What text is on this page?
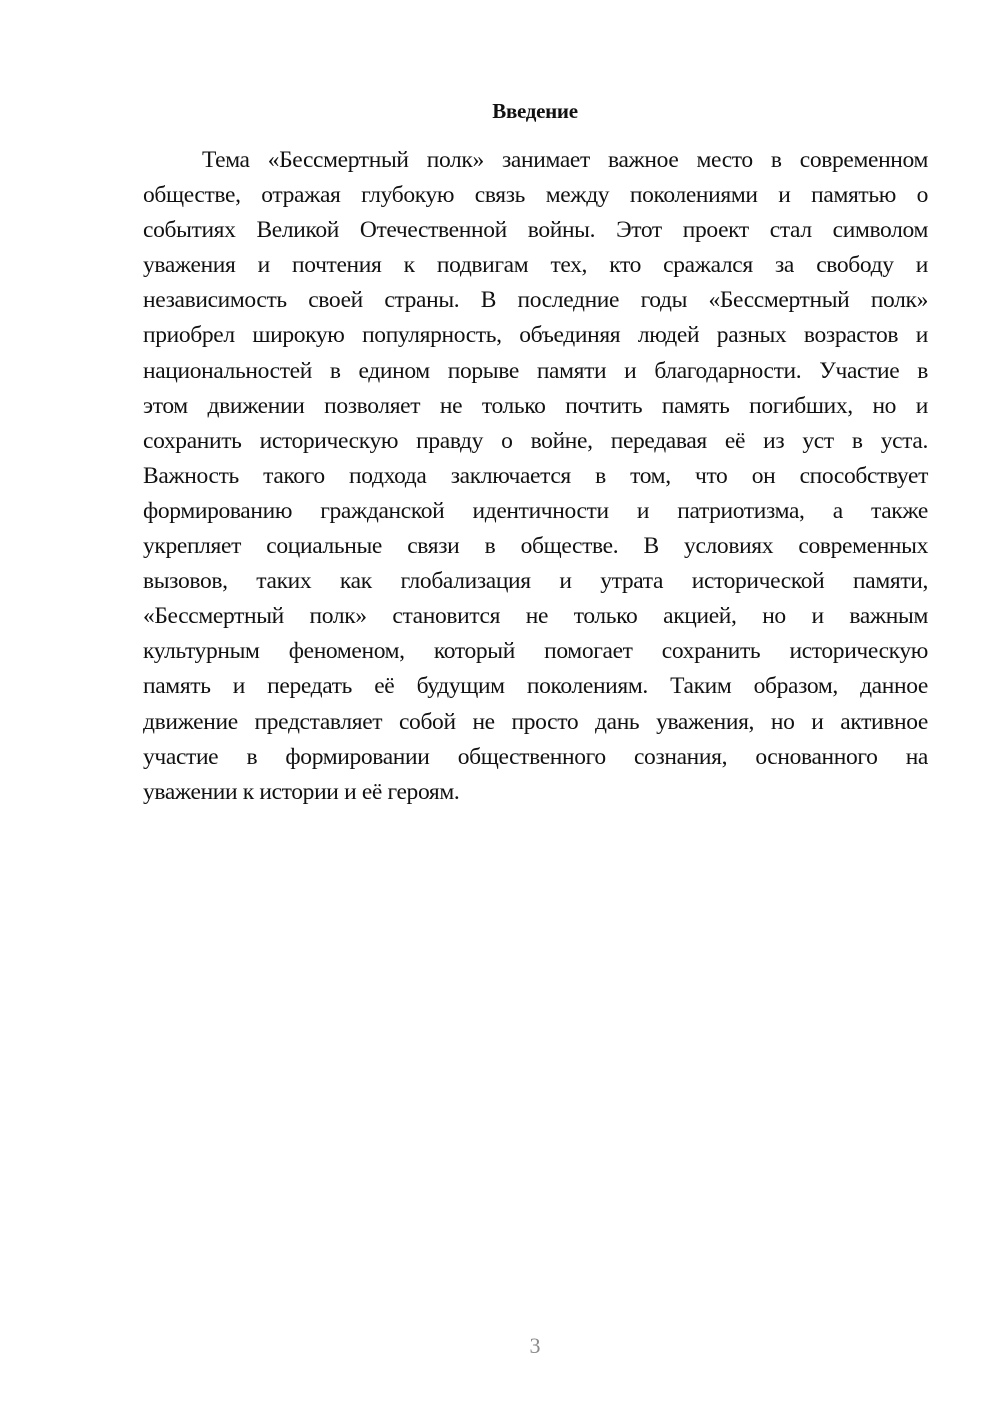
Введение
Тема «Бессмертный полк» занимает важное место в современном
обществе, отражая глубокую связь между поколениями и памятью о
событиях Великой Отечественной войны. Этот проект стал символом
уважения и почтения к подвигам тех, кто сражался за свободу и
независимость своей страны. В последние годы «Бессмертный полк»
приобрел широкую популярность, объединяя людей разных возрастов и
национальностей в едином порыве памяти и благодарности. Участие в
этом движении позволяет не только почтить память погибших, но и
сохранить историческую правду о войне, передавая её из уст в уста.
Важность такого подхода заключается в том, что он способствует
формированию гражданской идентичности и патриотизма, а также
укрепляет социальные связи в обществе. В условиях современных
вызовов, таких как глобализация и утрата исторической памяти,
«Бессмертный полк» становится не только акцией, но и важным
культурным феноменом, который помогает сохранить историческую
память и передать её будущим поколениям. Таким образом, данное
движение представляет собой не просто дань уважения, но и активное
участие в формировании общественного сознания, основанного на
уважении к истории и её героям.
3
